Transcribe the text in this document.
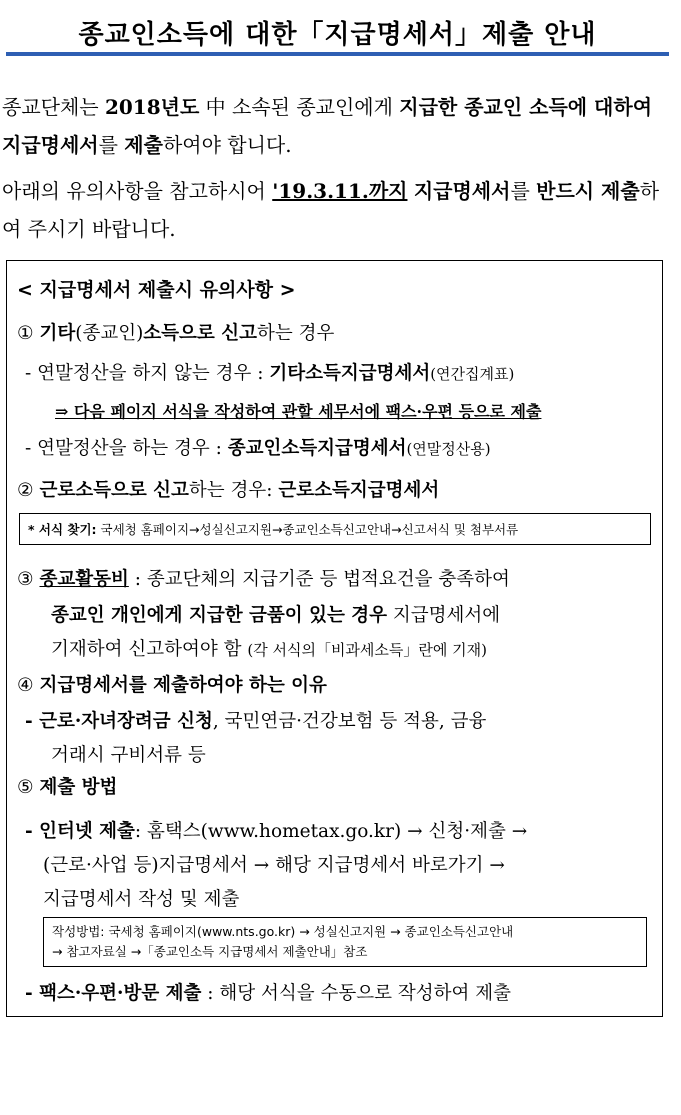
종교인소득에 대한「지급명세서」제출 안내

종교단체는 2018년도 中 소속된 종교인에게 지급한 종교인 소득에 대하여 지급명세서를 제출하여야 합니다.

아래의 유의사항을 참고하시어 '19.3.11.까지 지급명세서를 반드시 제출하여 주시기 바랍니다.

< 지급명세서 제출시 유의사항 >
① 기타(종교인)소득으로 신고하는 경우
- 연말정산을 하지 않는 경우 : 기타소득지급명세서(연간집계표)
⇒ 다음 페이지 서식을 작성하여 관할 세무서에 팩스·우편 등으로 제출
- 연말정산을 하는 경우 : 종교인소득지급명세서(연말정산용)
② 근로소득으로 신고하는 경우: 근로소득지급명세서
* 서식 찾기: 국세청 홈페이지→성실신고지원→종교인소득신고안내→신고서식 및 첨부서류
③ 종교활동비 : 종교단체의 지급기준 등 법적요건을 충족하여
종교인 개인에게 지급한 금품이 있는 경우 지급명세서에
기재하여 신고하여야 함 (각 서식의「비과세소득」란에 기재)
④ 지급명세서를 제출하여야 하는 이유
- 근로·자녀장려금 신청, 국민연금·건강보험 등 적용, 금융
거래시 구비서류 등
⑤ 제출 방법
- 인터넷 제출: 홈택스(www.hometax.go.kr) → 신청·제출 →
(근로·사업 등)지급명세서 → 해당 지급명세서 바로가기 →
지급명세서 작성 및 제출

작성방법: 국세청 홈페이지(www.nts.go.kr) → 성실신고지원 → 종교인소득신고안내

→ 참고자료실 →「종교인소득 지급명세서 제출안내」참조

- 팩스·우편·방문 제출 : 해당 서식을 수동으로 작성하여 제출
